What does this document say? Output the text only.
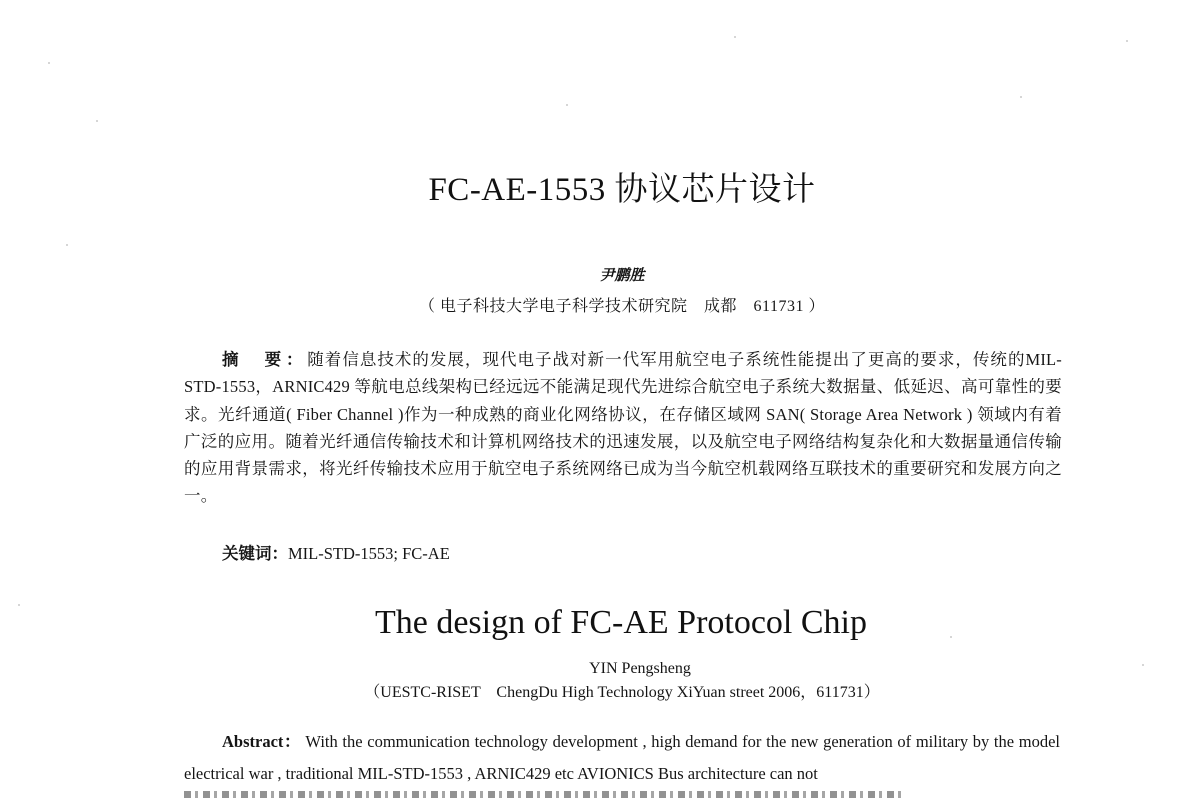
FC-AE-1553 协议芯片设计
尹鹏胜
（ 电子科技大学电子科学技术研究院　成都　611731 ）

摘　要：随着信息技术的发展，现代电子战对新一代军用航空电子系统性能提出了更高的要求，传统的MIL-STD-1553，ARNIC429 等航电总线架构已经远远不能满足现代先进综合航空电子系统大数据量、低延迟、高可靠性的要求。光纤通道( Fiber Channel )作为一种成熟的商业化网络协议，在存储区域网 SAN( Storage Area Network ) 领域内有着广泛的应用。随着光纤通信传输技术和计算机网络技术的迅速发展，以及航空电子网络结构复杂化和大数据量通信传输的应用背景需求，将光纤传输技术应用于航空电子系统网络已成为当今航空机载网络互联技术的重要研究和发展方向之一。

关键词：MIL-STD-1553; FC-AE
The design of FC-AE Protocol Chip
YIN Pengsheng
（UESTC-RISET　ChengDu High Technology XiYuan street 2006，611731）

Abstract： With the communication technology development , high demand for the new generation of military by the model electrical war , traditional MIL-STD-1553 , ARNIC429 etc AVIONICS Bus architecture can not
